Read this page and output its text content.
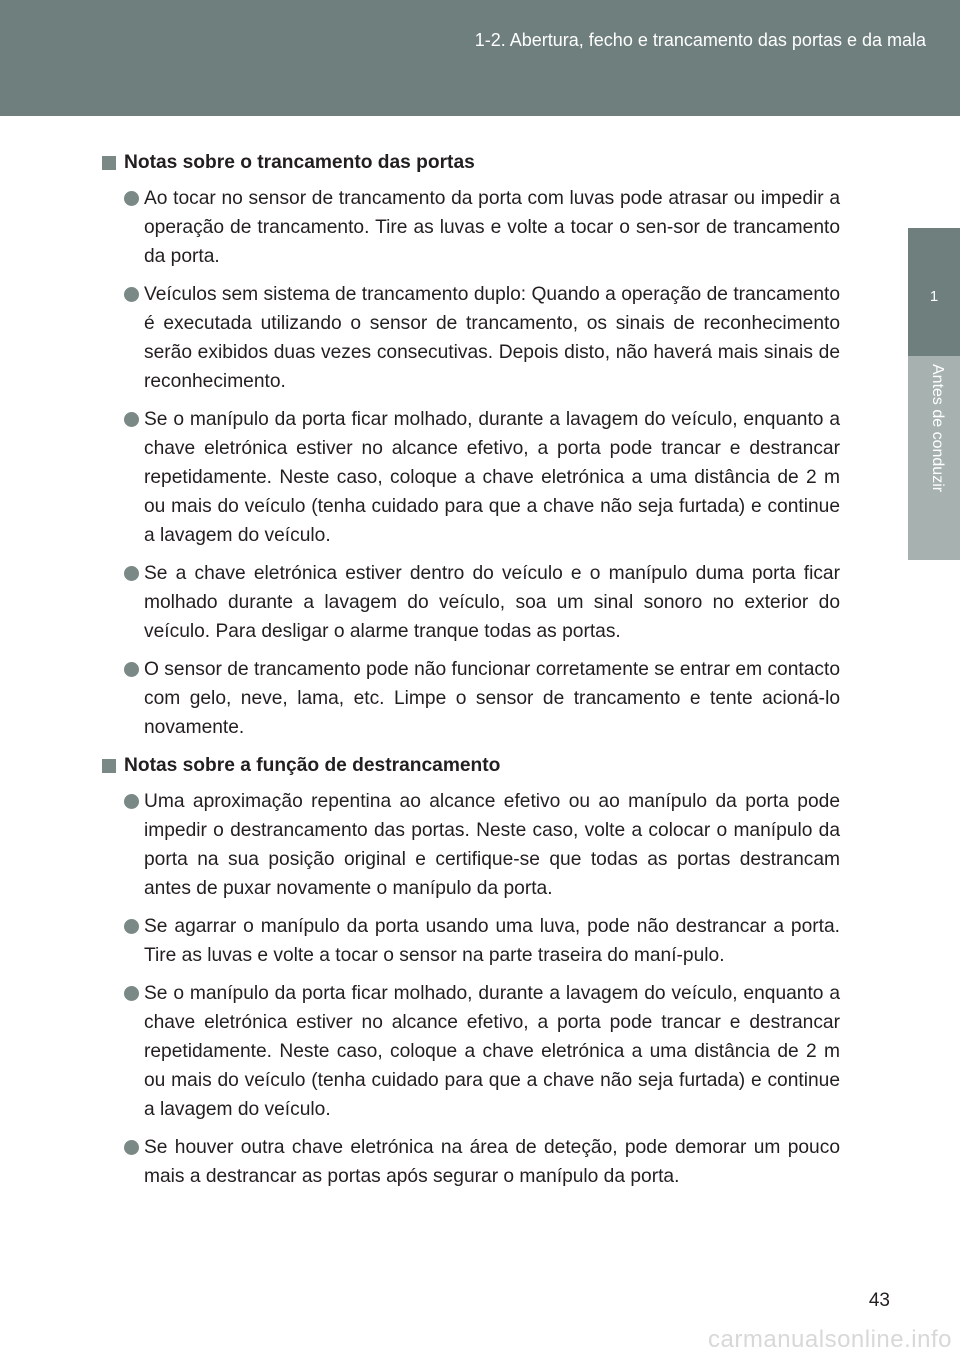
1-2. Abertura, fecho e trancamento das portas e da mala
1
Antes de conduzir
Notas sobre o trancamento das portas
Ao tocar no sensor de trancamento da porta com luvas pode atrasar ou impedir a operação de trancamento. Tire as luvas e volte a tocar o sen-sor de trancamento da porta.
Veículos sem sistema de trancamento duplo: Quando a operação de trancamento é executada utilizando o sensor de trancamento, os sinais de reconhecimento serão exibidos duas vezes consecutivas. Depois disto, não haverá mais sinais de reconhecimento.
Se o manípulo da porta ficar molhado, durante a lavagem do veículo, enquanto a chave eletrónica estiver no alcance efetivo, a porta pode trancar e destrancar repetidamente. Neste caso, coloque a chave eletrónica a uma distância de 2 m ou mais do veículo (tenha cuidado para que a chave não seja furtada) e continue a lavagem do veículo.
Se a chave eletrónica estiver dentro do veículo e o manípulo duma porta ficar molhado durante a lavagem do veículo, soa um sinal sonoro no exterior do veículo. Para desligar o alarme tranque todas as portas.
O sensor de trancamento pode não funcionar corretamente se entrar em contacto com gelo, neve, lama, etc. Limpe o sensor de trancamento e tente acioná-lo novamente.
Notas sobre a função de destrancamento
Uma aproximação repentina ao alcance efetivo ou ao manípulo da porta pode impedir o destrancamento das portas. Neste caso, volte a colocar o manípulo da porta na sua posição original e certifique-se que todas as portas destrancam antes de puxar novamente o manípulo da porta.
Se agarrar o manípulo da porta usando uma luva, pode não destrancar a porta. Tire as luvas e volte a tocar o sensor na parte traseira do maní-pulo.
Se o manípulo da porta ficar molhado, durante a lavagem do veículo, enquanto a chave eletrónica estiver no alcance efetivo, a porta pode trancar e destrancar repetidamente. Neste caso, coloque a chave eletrónica a uma distância de 2 m ou mais do veículo (tenha cuidado para que a chave não seja furtada) e continue a lavagem do veículo.
Se houver outra chave eletrónica na área de deteção, pode demorar um pouco mais a destrancar as portas após segurar o manípulo da porta.
43
carmanualsonline.info
